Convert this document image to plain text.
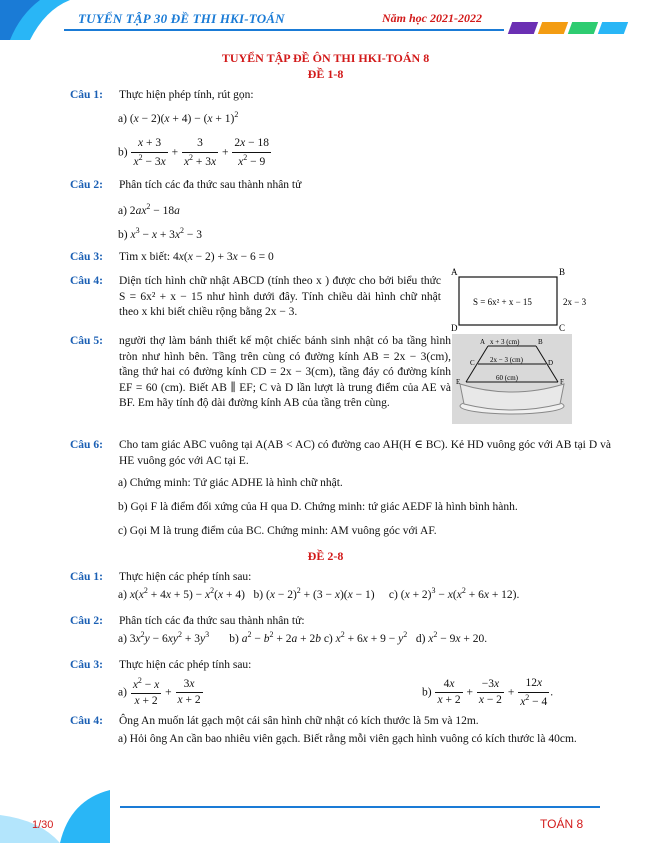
TUYỂN TẬP 30 ĐỀ THI HKI-TOÁN	Năm học 2021-2022
TUYỂN TẬP ĐỀ ÔN THI HKI-TOÁN 8
ĐỀ 1-8
Câu 1: Thực hiện phép tính, rút gọn:
a) $(x - 2)(x + 4) - (x + 1)^2$
$b) \frac{x + 3}{x^2 - 3x} + \frac{3}{x^2 + 3x} + \frac{2x - 18}{x^2 - 9}$
Câu 2: Phân tích các đa thức sau thành nhân tử
a) $2ax^2 - 18a$
b) $x^3 - x + 3x^2 - 3$
Câu 3: Tìm x biết: 4x(x − 2) + 3x − 6 = 0
Câu 4: Diện tích hình chữ nhật ABCD (tính theo x ) được cho bởi biểu thức S = 6x² + x − 15 như hình dưới đây. Tính chiều dài hình chữ nhật theo x khi biết chiều rộng bằng 2x − 3.
A	B
C
D
S = 6x² + x − 15	2x − 3
Câu 5: người thợ làm bánh thiết kế một chiếc bánh sinh nhật có ba tầng hình tròn như hình bên. Tầng trên cùng có đường kính AB = 2x − 3(cm), tầng thứ hai có đường kính CD = 2x − 3(cm), tầng đáy có đường kính EF = 60 (cm). Biết AB ∥ EF; C và D lần lượt là trung điểm của AE và BF. Em hãy tính độ dài đường kính AB của tầng trên cùng.
x + 3 (cm)
2x − 3 (cm)
60 (cm)
A	B
C	D
E	F
Câu 6: Cho tam giác ABC vuông tại A(AB < AC) có đường cao AH(H ∈ BC). Kẻ HD vuông góc với AB tại D và HE vuông góc với AC tại E.
a) Chứng minh: Tứ giác ADHE là hình chữ nhật.
b) Gọi F là điểm đối xứng của H qua D. Chứng minh: tứ giác AEDF là hình bình hành.
c) Gọi M là trung điểm của BC. Chứng minh: AM vuông góc với AF.
ĐỀ 2-8
Câu 1: Thực hiện các phép tính sau:
a) $x(x^2 + 4x + 5) - x^2(x + 4)$   b) $(x - 2)^2 + (3 - x)(x - 1)$     c) $(x + 2)^3 - x(x^2 + 6x + 12)$.
Câu 2: Phân tích các đa thức sau thành nhân tử:
a) $3x^2y - 6xy^2 + 3y^3$       b) $a^2 - b^2 + 2a + 2b$ c) $x^2 + 6x + 9 - y^2$   d) $x^2 - 9x + 20$.
Câu 3: Thực hiện các phép tính sau:
$a) \frac{x^2 - x}{x + 2} + \frac{3x}{x + 2}$	$b) \frac{4x}{x + 2} + \frac{-3x}{x - 2} + \frac{12x}{x^2 - 4}$ .
Câu 4: Ông An muốn lát gạch một cái sân hình chữ nhật có kích thước là 5m và 12m.
a) Hỏi ông An cần bao nhiêu viên gạch. Biết rằng mỗi viên gạch hình vuông có kích thước là 40cm.
1/30	TOÁN 8
